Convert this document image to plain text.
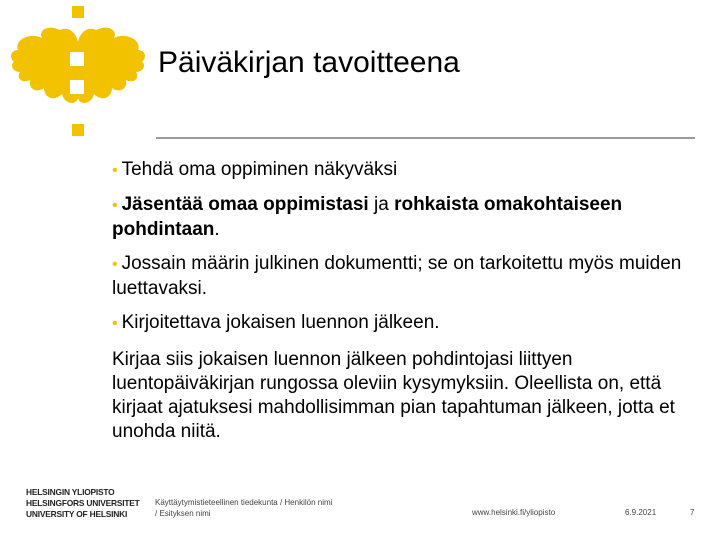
Päiväkirjan tavoitteena
• Tehdä oma oppiminen näkyväksi
• Jäsentää omaa oppimistasi ja rohkaista omakohtaiseen pohdintaan.
• Jossain määrin julkinen dokumentti; se on tarkoitettu myös muiden luettavaksi.
• Kirjoitettava jokaisen luennon jälkeen.
Kirjaa siis jokaisen luennon jälkeen pohdintojasi liittyen luentopäiväkirjan rungossa oleviin kysymyksiin. Oleellista on, että kirjaat ajatuksesi mahdollisimman pian tapahtuman jälkeen, jotta et unohda niitä.
HELSINGIN YLIOPISTO
HELSINGFORS UNIVERSITET
UNIVERSITY OF HELSINKI
Käyttäytymistieteellinen tiedekunta / Henkilön nimi
/ Esityksen nimi	www.helsinki.fi/yliopisto	6.9.2021	7
